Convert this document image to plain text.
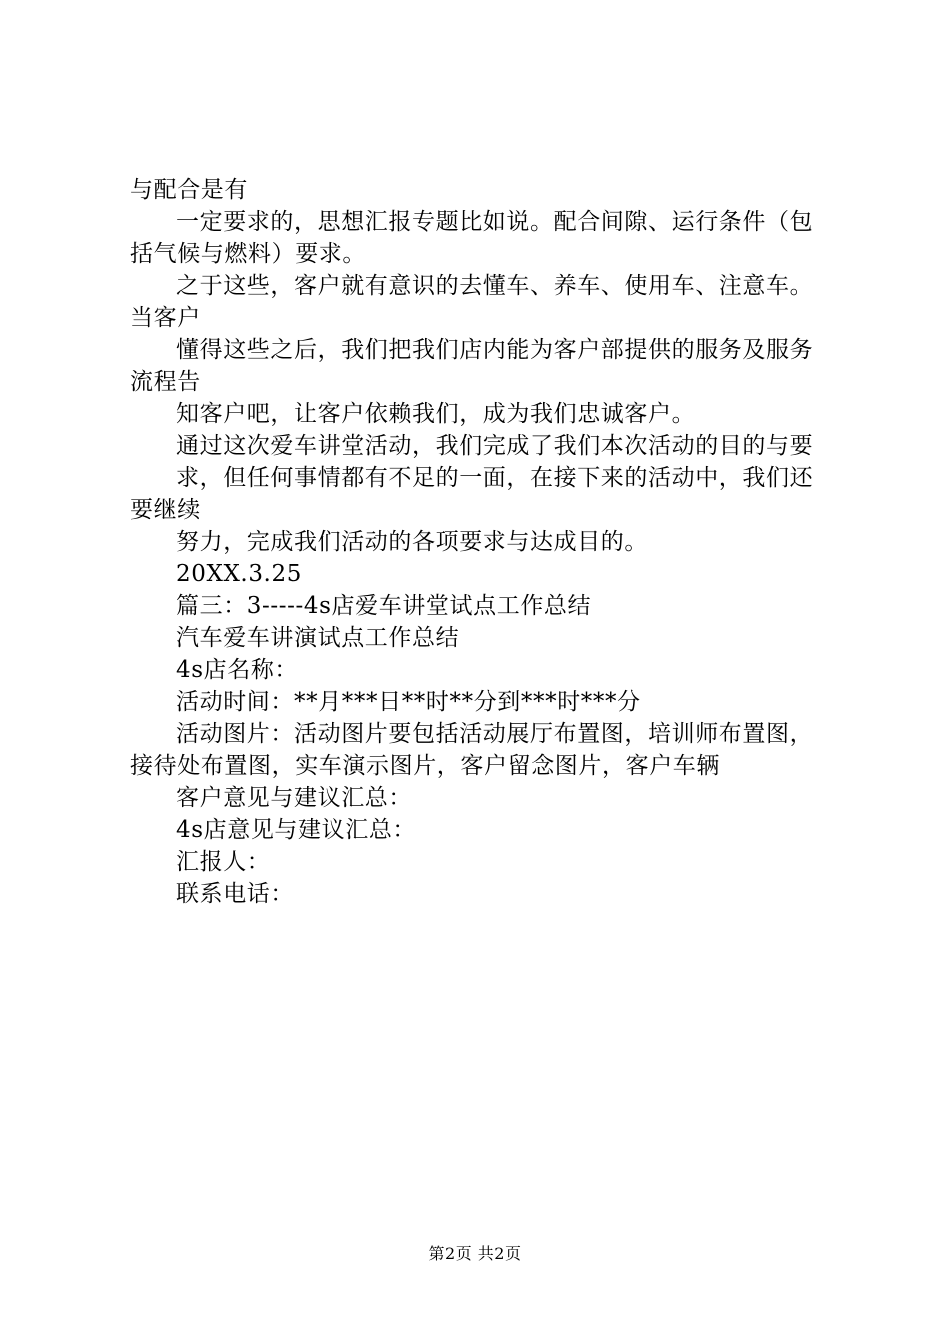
与配合是有

一定要求的，思想汇报专题比如说。配合间隙、运行条件（包括气候与燃料）要求。

之于这些，客户就有意识的去懂车、养车、使用车、注意车。当客户

懂得这些之后，我们把我们店内能为客户部提供的服务及服务流程告

知客户吧，让客户依赖我们，成为我们忠诚客户。

通过这次爱车讲堂活动，我们完成了我们本次活动的目的与要

求，但任何事情都有不足的一面，在接下来的活动中，我们还要继续

努力，完成我们活动的各项要求与达成目的。

20XX.3.25

篇三：3-----4s店爱车讲堂试点工作总结

汽车爱车讲演试点工作总结

4s店名称：

活动时间：**月***日**时**分到***时***分

活动图片：活动图片要包括活动展厅布置图，培训师布置图，接待处布置图，实车演示图片，客户留念图片，客户车辆

客户意见与建议汇总：

4s店意见与建议汇总：

汇报人：

联系电话：

第2页 共2页
